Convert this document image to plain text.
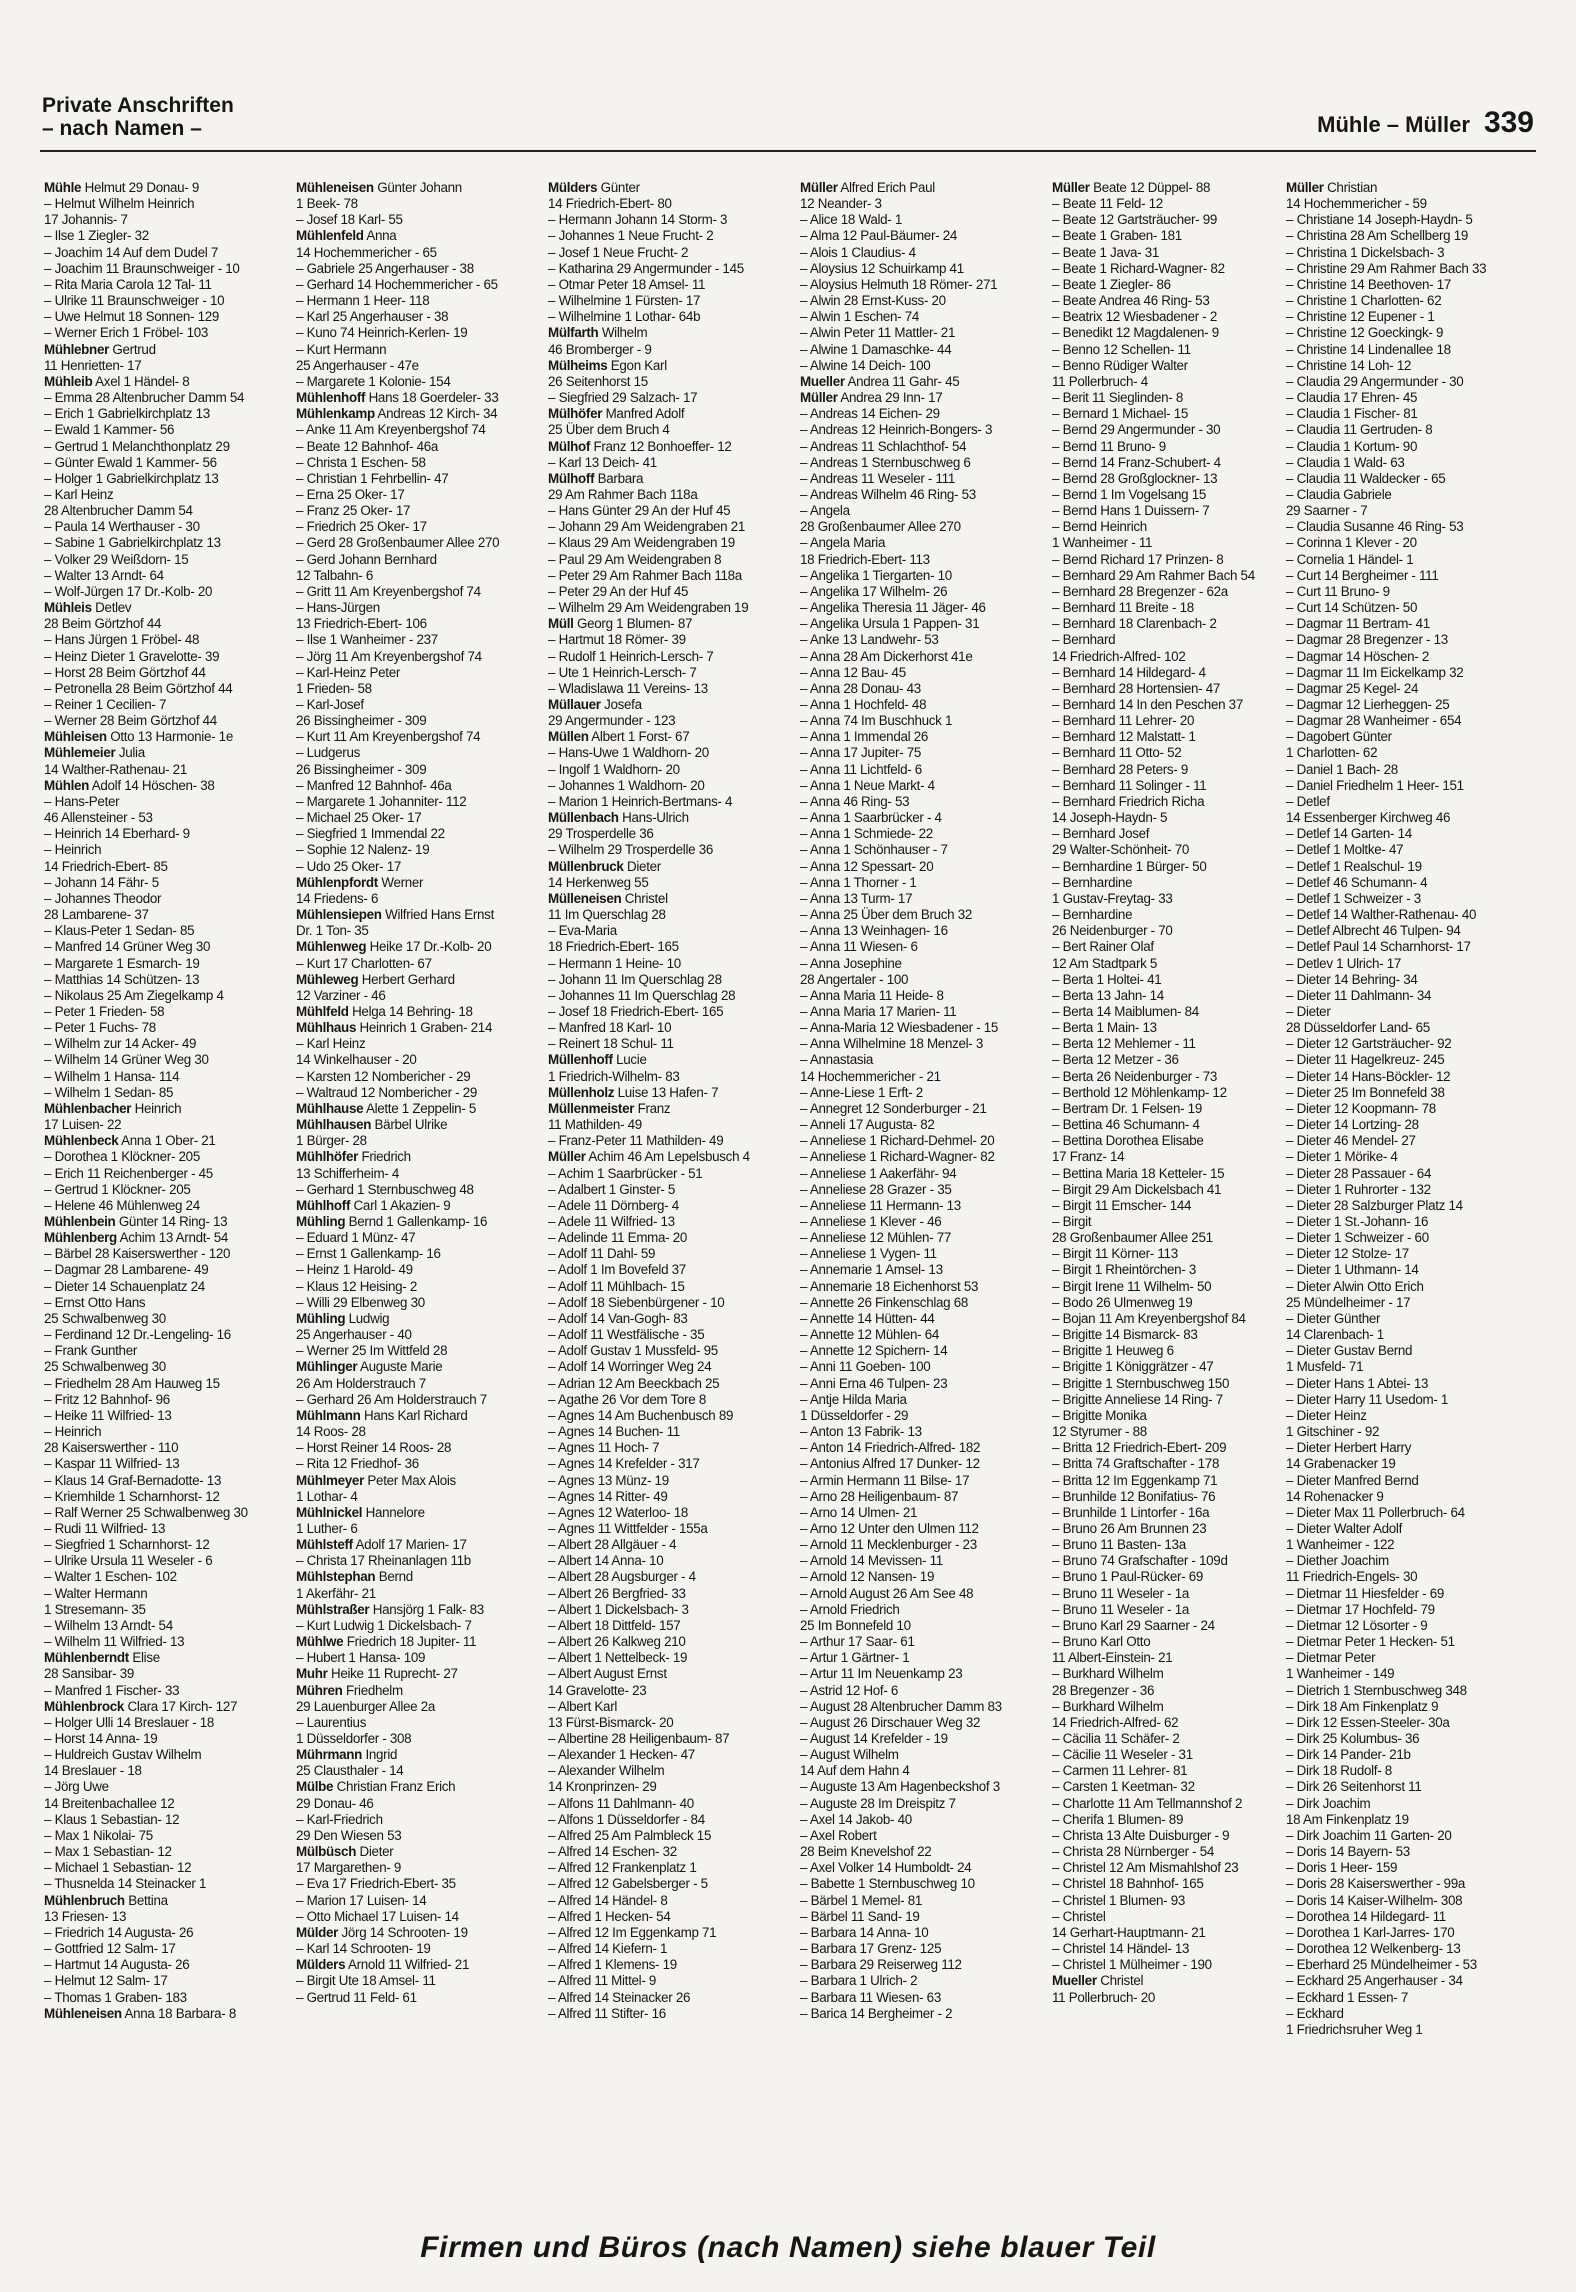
Private Anschriften
– nach Namen –	Mühle – Müller 339
Mühle Helmut 29 Donau- 9
– Helmut Wilhelm Heinrich
17 Johannis- 7
– Ilse 1 Ziegler- 32
– Joachim 14 Auf dem Dudel 7
– Joachim 11 Braunschweiger - 10
– Rita Maria Carola 12 Tal- 11
– Ulrike 11 Braunschweiger - 10
– Uwe Helmut 18 Sonnen- 129
– Werner Erich 1 Fröbel- 103
Mühlebner Gertrud
11 Henrietten- 17
Mühleib Axel 1 Händel- 8
– Emma 28 Altenbrucher Damm 54
– Erich 1 Gabrielkirchplatz 13
– Ewald 1 Kammer- 56
– Gertrud 1 Melanchthonplatz 29
– Günter Ewald 1 Kammer- 56
– Holger 1 Gabrielkirchplatz 13
– Karl Heinz
28 Altenbrucher Damm 54
– Paula 14 Werthauser - 30
– Sabine 1 Gabrielkirchplatz 13
– Volker 29 Weißdorn- 15
– Walter 13 Arndt- 64
– Wolf-Jürgen 17 Dr.-Kolb- 20
Mühleis Detlev
28 Beim Görtzhof 44
– Hans Jürgen 1 Fröbel- 48
– Heinz Dieter 1 Gravelotte- 39
– Horst 28 Beim Görtzhof 44
– Petronella 28 Beim Görtzhof 44
– Reiner 1 Cecilien- 7
– Werner 28 Beim Görtzhof 44
Mühleisen Otto 13 Harmonie- 1e
Mühlemeier Julia
14 Walther-Rathenau- 21
Mühlen Adolf 14 Höschen- 38
– Hans-Peter
46 Allensteiner - 53
– Heinrich 14 Eberhard- 9
– Heinrich
14 Friedrich-Ebert- 85
– Johann 14 Fähr- 5
– Johannes Theodor
28 Lambarene- 37
– Klaus-Peter 1 Sedan- 85
– Manfred 14 Grüner Weg 30
– Margarete 1 Esmarch- 19
– Matthias 14 Schützen- 13
– Nikolaus 25 Am Ziegelkamp 4
– Peter 1 Frieden- 58
– Peter 1 Fuchs- 78
– Wilhelm zur 14 Acker- 49
– Wilhelm 14 Grüner Weg 30
– Wilhelm 1 Hansa- 114
– Wilhelm 1 Sedan- 85
Mühlenbacher Heinrich
17 Luisen- 22
Mühlenbeck Anna 1 Ober- 21
– Dorothea 1 Klöckner- 205
– Erich 11 Reichenberger - 45
– Gertrud 1 Klöckner- 205
– Helene 46 Mühlenweg 24
Mühlenbein Günter 14 Ring- 13
Mühlenberg Achim 13 Arndt- 54
– Bärbel 28 Kaiserswerther - 120
– Dagmar 28 Lambarene- 49
– Dieter 14 Schauenplatz 24
– Ernst Otto Hans
25 Schwalbenweg 30
– Ferdinand 12 Dr.-Lengeling- 16
– Frank Gunther
25 Schwalbenweg 30
– Friedhelm 28 Am Hauweg 15
– Fritz 12 Bahnhof- 96
– Heike 11 Wilfried- 13
– Heinrich
28 Kaiserswerther - 110
– Kaspar 11 Wilfried- 13
– Klaus 14 Graf-Bernadotte- 13
– Kriemhilde 1 Scharnhorst- 12
– Ralf Werner 25 Schwalbenweg 30
– Rudi 11 Wilfried- 13
– Siegfried 1 Scharnhorst- 12
– Ulrike Ursula 11 Weseler - 6
– Walter 1 Eschen- 102
– Walter Hermann
1 Stresemann- 35
– Wilhelm 13 Arndt- 54
– Wilhelm 11 Wilfried- 13
Mühlenberndt Elise
28 Sansibar- 39
– Manfred 1 Fischer- 33
Mühlenbrock Clara 17 Kirch- 127
– Holger Ulli 14 Breslauer - 18
– Horst 14 Anna- 19
– Huldreich Gustav Wilhelm
14 Breslauer - 18
– Jörg Uwe
14 Breitenbachallee 12
– Klaus 1 Sebastian- 12
– Max 1 Nikolai- 75
– Max 1 Sebastian- 12
– Michael 1 Sebastian- 12
– Thusnelda 14 Steinacker 1
Mühlenbruch Bettina
13 Friesen- 13
– Friedrich 14 Augusta- 26
– Gottfried 12 Salm- 17
– Hartmut 14 Augusta- 26
– Helmut 12 Salm- 17
– Thomas 1 Graben- 183
Mühleneisen Anna 18 Barbara- 8
Mühleneisen Günter Johann
1 Beek- 78
– Josef 18 Karl- 55
Mühlenfeld Anna
14 Hochemmericher - 65
– Gabriele 25 Angerhauser - 38
– Gerhard 14 Hochemmericher - 65
– Hermann 1 Heer- 118
– Karl 25 Angerhauser - 38
– Kuno 74 Heinrich-Kerlen- 19
– Kurt Hermann
25 Angerhauser - 47e
– Margarete 1 Kolonie- 154
Mühlenhoff Hans 18 Goerdeler- 33
Mühlenkamp Andreas 12 Kirch- 34
– Anke 11 Am Kreyenbergshof 74
– Beate 12 Bahnhof- 46a
– Christa 1 Eschen- 58
– Christian 1 Fehrbellin- 47
– Erna 25 Oker- 17
– Franz 25 Oker- 17
– Friedrich 25 Oker- 17
– Gerd 28 Großenbaumer Allee 270
– Gerd Johann Bernhard
12 Talbahn- 6
– Gritt 11 Am Kreyenbergshof 74
– Hans-Jürgen
13 Friedrich-Ebert- 106
– Ilse 1 Wanheimer - 237
– Jörg 11 Am Kreyenbergshof 74
– Karl-Heinz Peter
1 Frieden- 58
– Karl-Josef
26 Bissingheimer - 309
– Kurt 11 Am Kreyenbergshof 74
– Ludgerus
26 Bissingheimer - 309
– Manfred 12 Bahnhof- 46a
– Margarete 1 Johanniter- 112
– Michael 25 Oker- 17
– Siegfried 1 Immendal 22
– Sophie 12 Nalenz- 19
– Udo 25 Oker- 17
Mühlenpfordt Werner
14 Friedens- 6
Mühlensiepen Wilfried Hans Ernst
Dr. 1 Ton- 35
Mühlenweg Heike 17 Dr.-Kolb- 20
– Kurt 17 Charlotten- 67
Mühleweg Herbert Gerhard
12 Varziner - 46
Mühlfeld Helga 14 Behring- 18
Mühlhaus Heinrich 1 Graben- 214
– Karl Heinz
14 Winkelhauser - 20
– Karsten 12 Nombericher - 29
– Waltraud 12 Nombericher - 29
Mühlhause Alette 1 Zeppelin- 5
Mühlhausen Bärbel Ulrike
1 Bürger- 28
Mühlhöfer Friedrich
13 Schifferheim- 4
– Gerhard 1 Sternbuschweg 48
Mühlhoff Carl 1 Akazien- 9
Mühling Bernd 1 Gallenkamp- 16
– Eduard 1 Münz- 47
– Ernst 1 Gallenkamp- 16
– Heinz 1 Harold- 49
– Klaus 12 Heising- 2
– Willi 29 Elbenweg 30
Mühling Ludwig
25 Angerhauser - 40
– Werner 25 Im Wittfeld 28
Mühlinger Auguste Marie
26 Am Holderstrauch 7
– Gerhard 26 Am Holderstrauch 7
Mühlmann Hans Karl Richard
14 Roos- 28
– Horst Reiner 14 Roos- 28
– Rita 12 Friedhof- 36
Mühlmeyer Peter Max Alois
1 Lothar- 4
Mühlnickel Hannelore
1 Luther- 6
Mühlsteff Adolf 17 Marien- 17
– Christa 17 Rheinanlagen 11b
Mühlstephan Bernd
1 Akerfähr- 21
Mühlstraßer Hansjörg 1 Falk- 83
– Kurt Ludwig 1 Dickelsbach- 7
Mühlwe Friedrich 18 Jupiter- 11
– Hubert 1 Hansa- 109
Muhr Heike 11 Ruprecht- 27
Mühren Friedhelm
29 Lauenburger Allee 2a
– Laurentius
1 Düsseldorfer - 308
Mührmann Ingrid
25 Clausthaler - 14
Mülbe Christian Franz Erich
29 Donau- 46
– Karl-Friedrich
29 Den Wiesen 53
Mülbüsch Dieter
17 Margarethen- 9
– Eva 17 Friedrich-Ebert- 35
– Marion 17 Luisen- 14
– Otto Michael 17 Luisen- 14
Mülder Jörg 14 Schrooten- 19
– Karl 14 Schrooten- 19
Mülders Arnold 11 Wilfried- 21
– Birgit Ute 18 Amsel- 11
– Gertrud 11 Feld- 61
Mülders Günter
14 Friedrich-Ebert- 80
– Hermann Johann 14 Storm- 3
– Johannes 1 Neue Frucht- 2
– Josef 1 Neue Frucht- 2
– Katharina 29 Angermunder - 145
– Otmar Peter 18 Amsel- 11
– Wilhelmine 1 Fürsten- 17
– Wilhelmine 1 Lothar- 64b
Mülfarth Wilhelm
46 Bromberger - 9
Mülheims Egon Karl
26 Seitenhorst 15
– Siegfried 29 Salzach- 17
Mülhöfer Manfred Adolf
25 Über dem Bruch 4
Mülhof Franz 12 Bonhoeffer- 12
– Karl 13 Deich- 41
Mülhoff Barbara
29 Am Rahmer Bach 118a
– Hans Günter 29 An der Huf 45
– Johann 29 Am Weidengraben 21
– Klaus 29 Am Weidengraben 19
– Paul 29 Am Weidengraben 8
– Peter 29 Am Rahmer Bach 118a
– Peter 29 An der Huf 45
– Wilhelm 29 Am Weidengraben 19
Müll Georg 1 Blumen- 87
– Hartmut 18 Römer- 39
– Rudolf 1 Heinrich-Lersch- 7
– Ute 1 Heinrich-Lersch- 7
– Wladislawa 11 Vereins- 13
Müllauer Josefa
29 Angermunder - 123
Müllen Albert 1 Forst- 67
– Hans-Uwe 1 Waldhorn- 20
– Ingolf 1 Waldhorn- 20
– Johannes 1 Waldhorn- 20
– Marion 1 Heinrich-Bertmans- 4
Müllenbach Hans-Ulrich
29 Trosperdelle 36
– Wilhelm 29 Trosperdelle 36
Müllenbruck Dieter
14 Herkenweg 55
Mülleneisen Christel
11 Im Querschlag 28
– Eva-Maria
18 Friedrich-Ebert- 165
– Hermann 1 Heine- 10
– Johann 11 Im Querschlag 28
– Johannes 11 Im Querschlag 28
– Josef 18 Friedrich-Ebert- 165
– Manfred 18 Karl- 10
– Reinert 18 Schul- 11
Müllenhoff Lucie
1 Friedrich-Wilhelm- 83
Müllenholz Luise 13 Hafen- 7
Müllenmeister Franz
11 Mathilden- 49
– Franz-Peter 11 Mathilden- 49
Müller Achim 46 Am Lepelsbusch 4
– Achim 1 Saarbrücker - 51
– Adalbert 1 Ginster- 5
– Adele 11 Dörnberg- 4
– Adele 11 Wilfried- 13
– Adelinde 11 Emma- 20
– Adolf 11 Dahl- 59
– Adolf 1 Im Bovefeld 37
– Adolf 11 Mühlbach- 15
– Adolf 18 Siebenbürgener - 10
– Adolf 14 Van-Gogh- 83
– Adolf 11 Westfälische - 35
– Adolf Gustav 1 Mussfeld- 95
– Adolf 14 Worringer Weg 24
– Adrian 12 Am Beeckbach 25
– Agathe 26 Vor dem Tore 8
– Agnes 14 Am Buchenbusch 89
– Agnes 14 Buchen- 11
– Agnes 11 Hoch- 7
– Agnes 14 Krefelder - 317
– Agnes 13 Münz- 19
– Agnes 14 Ritter- 49
– Agnes 12 Waterloo- 18
– Agnes 11 Wittfelder - 155a
– Albert 28 Allgäuer - 4
– Albert 14 Anna- 10
– Albert 28 Augsburger - 4
– Albert 26 Bergfried- 33
– Albert 1 Dickelsbach- 3
– Albert 18 Dittfeld- 157
– Albert 26 Kalkweg 210
– Albert 1 Nettelbeck- 19
– Albert August Ernst
14 Gravelotte- 23
– Albert Karl
13 Fürst-Bismarck- 20
– Albertine 28 Heiligenbaum- 87
– Alexander 1 Hecken- 47
– Alexander Wilhelm
14 Kronprinzen- 29
– Alfons 11 Dahlmann- 40
– Alfons 1 Düsseldorfer - 84
– Alfred 25 Am Palmbleck 15
– Alfred 14 Eschen- 32
– Alfred 12 Frankenplatz 1
– Alfred 12 Gabelsberger - 5
– Alfred 14 Händel- 8
– Alfred 1 Hecken- 54
– Alfred 12 Im Eggenkamp 71
– Alfred 14 Kiefern- 1
– Alfred 1 Klemens- 19
– Alfred 11 Mittel- 9
– Alfred 14 Steinacker 26
– Alfred 11 Stifter- 16
Müller Alfred Erich Paul
12 Neander- 3
– Alice 18 Wald- 1
– Alma 12 Paul-Bäumer- 24
– Alois 1 Claudius- 4
– Aloysius 12 Schuirkamp 41
– Aloysius Helmuth 18 Römer- 271
– Alwin 28 Ernst-Kuss- 20
– Alwin 1 Eschen- 74
– Alwin Peter 11 Mattler- 21
– Alwine 1 Damaschke- 44
– Alwine 14 Deich- 100
Mueller Andrea 11 Gahr- 45
Müller Andrea 29 Inn- 17
– Andreas 14 Eichen- 29
– Andreas 12 Heinrich-Bongers- 3
– Andreas 11 Schlachthof- 54
– Andreas 1 Sternbuschweg 6
– Andreas 11 Weseler - 111
– Andreas Wilhelm 46 Ring- 53
– Angela
28 Großenbaumer Allee 270
– Angela Maria
18 Friedrich-Ebert- 113
– Angelika 1 Tiergarten- 10
– Angelika 17 Wilhelm- 26
– Angelika Theresia 11 Jäger- 46
– Angelika Ursula 1 Pappen- 31
– Anke 13 Landwehr- 53
– Anna 28 Am Dickerhorst 41e
– Anna 12 Bau- 45
– Anna 28 Donau- 43
– Anna 1 Hochfeld- 48
– Anna 74 Im Buschhuck 1
– Anna 1 Immendal 26
– Anna 17 Jupiter- 75
– Anna 11 Lichtfeld- 6
– Anna 1 Neue Markt- 4
– Anna 46 Ring- 53
– Anna 1 Saarbrücker - 4
– Anna 1 Schmiede- 22
– Anna 1 Schönhauser - 7
– Anna 12 Spessart- 20
– Anna 1 Thorner - 1
– Anna 13 Turm- 17
– Anna 25 Über dem Bruch 32
– Anna 13 Weinhagen- 16
– Anna 11 Wiesen- 6
– Anna Josephine
28 Angertaler - 100
– Anna Maria 11 Heide- 8
– Anna Maria 17 Marien- 11
– Anna-Maria 12 Wiesbadener - 15
– Anna Wilhelmine 18 Menzel- 3
– Annastasia
14 Hochemmericher - 21
– Anne-Liese 1 Erft- 2
– Annegret 12 Sonderburger - 21
– Anneli 17 Augusta- 82
– Anneliese 1 Richard-Dehmel- 20
– Anneliese 1 Richard-Wagner- 82
– Anneliese 1 Aakerfähr- 94
– Anneliese 28 Grazer - 35
– Anneliese 11 Hermann- 13
– Anneliese 1 Klever - 46
– Anneliese 12 Mühlen- 77
– Anneliese 1 Vygen- 11
– Annemarie 1 Amsel- 13
– Annemarie 18 Eichenhorst 53
– Annette 26 Finkenschlag 68
– Annette 14 Hütten- 44
– Annette 12 Mühlen- 64
– Annette 12 Spichern- 14
– Anni 11 Goeben- 100
– Anni Erna 46 Tulpen- 23
– Antje Hilda Maria
1 Düsseldorfer - 29
– Anton 13 Fabrik- 13
– Anton 14 Friedrich-Alfred- 182
– Antonius Alfred 17 Dunker- 12
– Armin Hermann 11 Bilse- 17
– Arno 28 Heiligenbaum- 87
– Arno 14 Ulmen- 21
– Arno 12 Unter den Ulmen 112
– Arnold 11 Mecklenburger - 23
– Arnold 14 Mevissen- 11
– Arnold 12 Nansen- 19
– Arnold August 26 Am See 48
– Arnold Friedrich
25 Im Bonnefeld 10
– Arthur 17 Saar- 61
– Artur 1 Gärtner- 1
– Artur 11 Im Neuenkamp 23
– Astrid 12 Hof- 6
– August 28 Altenbrucher Damm 83
– August 26 Dirschauer Weg 32
– August 14 Krefelder - 19
– August Wilhelm
14 Auf dem Hahn 4
– Auguste 13 Am Hagenbeckshof 3
– Auguste 28 Im Dreispitz 7
– Axel 14 Jakob- 40
– Axel Robert
28 Beim Knevelshof 22
– Axel Volker 14 Humboldt- 24
– Babette 1 Sternbuschweg 10
– Bärbel 1 Memel- 81
– Bärbel 11 Sand- 19
– Barbara 14 Anna- 10
– Barbara 17 Grenz- 125
– Barbara 29 Reiserweg 112
– Barbara 1 Ulrich- 2
– Barbara 11 Wiesen- 63
– Barica 14 Bergheimer - 2
Müller Beate 12 Düppel- 88
– Beate 11 Feld- 12
– Beate 12 Gartsträucher- 99
– Beate 1 Graben- 181
– Beate 1 Java- 31
– Beate 1 Richard-Wagner- 82
– Beate 1 Ziegler- 86
– Beate Andrea 46 Ring- 53
– Beatrix 12 Wiesbadener - 2
– Benedikt 12 Magdalenen- 9
– Benno 12 Schellen- 11
– Benno Rüdiger Walter
11 Pollerbruch- 4
– Berit 11 Sieglinden- 8
– Bernard 1 Michael- 15
– Bernd 29 Angermunder - 30
– Bernd 11 Bruno- 9
– Bernd 14 Franz-Schubert- 4
– Bernd 28 Großglockner- 13
– Bernd 1 Im Vogelsang 15
– Bernd Hans 1 Duissern- 7
– Bernd Heinrich
1 Wanheimer - 11
– Bernd Richard 17 Prinzen- 8
– Bernhard 29 Am Rahmer Bach 54
– Bernhard 28 Bregenzer - 62a
– Bernhard 11 Breite - 18
– Bernhard 18 Clarenbach- 2
– Bernhard
14 Friedrich-Alfred- 102
– Bernhard 14 Hildegard- 4
– Bernhard 28 Hortensien- 47
– Bernhard 14 In den Peschen 37
– Bernhard 11 Lehrer- 20
– Bernhard 12 Malstatt- 1
– Bernhard 11 Otto- 52
– Bernhard 28 Peters- 9
– Bernhard 11 Solinger - 11
– Bernhard Friedrich Richa
14 Joseph-Haydn- 5
– Bernhard Josef
29 Walter-Schönheit- 70
– Bernhardine 1 Bürger- 50
– Bernhardine
1 Gustav-Freytag- 33
– Bernhardine
26 Neidenburger - 70
– Bert Rainer Olaf
12 Am Stadtpark 5
– Berta 1 Holtei- 41
– Berta 13 Jahn- 14
– Berta 14 Maiblumen- 84
– Berta 1 Main- 13
– Berta 12 Mehlemer - 11
– Berta 12 Metzer - 36
– Berta 26 Neidenburger - 73
– Berthold 12 Möhlenkamp- 12
– Bertram Dr. 1 Felsen- 19
– Bettina 46 Schumann- 4
– Bettina Dorothea Elisabe
17 Franz- 14
– Bettina Maria 18 Ketteler- 15
– Birgit 29 Am Dickelsbach 41
– Birgit 11 Emscher- 144
– Birgit
28 Großenbaumer Allee 251
– Birgit 11 Körner- 113
– Birgit 1 Rheintörchen- 3
– Birgit Irene 11 Wilhelm- 50
– Bodo 26 Ulmenweg 19
– Bojan 11 Am Kreyenbergshof 84
– Brigitte 14 Bismarck- 83
– Brigitte 1 Heuweg 6
– Brigitte 1 Königgrätzer - 47
– Brigitte 1 Sternbuschweg 150
– Brigitte Anneliese 14 Ring- 7
– Brigitte Monika
12 Styrumer - 88
– Britta 12 Friedrich-Ebert- 209
– Britta 74 Graftschafter - 178
– Britta 12 Im Eggenkamp 71
– Brunhilde 12 Bonifatius- 76
– Brunhilde 1 Lintorfer - 16a
– Bruno 26 Am Brunnen 23
– Bruno 11 Basten- 13a
– Bruno 74 Grafschafter - 109d
– Bruno 1 Paul-Rücker- 69
– Bruno 11 Weseler - 1a
– Bruno 11 Weseler - 1a
– Bruno Karl 29 Saarner - 24
– Bruno Karl Otto
11 Albert-Einstein- 21
– Burkhard Wilhelm
28 Bregenzer - 36
– Burkhard Wilhelm
14 Friedrich-Alfred- 62
– Cäcilia 11 Schäfer- 2
– Cäcilie 11 Weseler - 31
– Carmen 11 Lehrer- 81
– Carsten 1 Keetman- 32
– Charlotte 11 Am Tellmannshof 2
– Cherifa 1 Blumen- 89
– Christa 13 Alte Duisburger - 9
– Christa 28 Nürnberger - 54
– Christel 12 Am Mismahlshof 23
– Christel 18 Bahnhof- 165
– Christel 1 Blumen- 93
– Christel
14 Gerhart-Hauptmann- 21
– Christel 14 Händel- 13
– Christel 1 Mülheimer - 190
Mueller Christel
11 Pollerbruch- 20
Müller Christian
14 Hochemmericher - 59
– Christiane 14 Joseph-Haydn- 5
– Christina 28 Am Schellberg 19
– Christina 1 Dickelsbach- 3
– Christine 29 Am Rahmer Bach 33
– Christine 14 Beethoven- 17
– Christine 1 Charlotten- 62
– Christine 12 Eupener - 1
– Christine 12 Goeckingk- 9
– Christine 14 Lindenallee 18
– Christine 14 Loh- 12
– Claudia 29 Angermunder - 30
– Claudia 17 Ehren- 45
– Claudia 1 Fischer- 81
– Claudia 11 Gertruden- 8
– Claudia 1 Kortum- 90
– Claudia 1 Wald- 63
– Claudia 11 Waldecker - 65
– Claudia Gabriele
29 Saarner - 7
– Claudia Susanne 46 Ring- 53
– Corinna 1 Klever - 20
– Cornelia 1 Händel- 1
– Curt 14 Bergheimer - 111
– Curt 11 Bruno- 9
– Curt 14 Schützen- 50
– Dagmar 11 Bertram- 41
– Dagmar 28 Bregenzer - 13
– Dagmar 14 Höschen- 2
– Dagmar 11 Im Eickelkamp 32
– Dagmar 25 Kegel- 24
– Dagmar 12 Lierheggen- 25
– Dagmar 28 Wanheimer - 654
– Dagobert Günter
1 Charlotten- 62
– Daniel 1 Bach- 28
– Daniel Friedhelm 1 Heer- 151
– Detlef
14 Essenberger Kirchweg 46
– Detlef 14 Garten- 14
– Detlef 1 Moltke- 47
– Detlef 1 Realschul- 19
– Detlef 46 Schumann- 4
– Detlef 1 Schweizer - 3
– Detlef 14 Walther-Rathenau- 40
– Detlef Albrecht 46 Tulpen- 94
– Detlef Paul 14 Scharnhorst- 17
– Detlev 1 Ulrich- 17
– Dieter 14 Behring- 34
– Dieter 11 Dahlmann- 34
– Dieter
28 Düsseldorfer Land- 65
– Dieter 12 Gartsträucher- 92
– Dieter 11 Hagelkreuz- 245
– Dieter 14 Hans-Böckler- 12
– Dieter 25 Im Bonnefeld 38
– Dieter 12 Koopmann- 78
– Dieter 14 Lortzing- 28
– Dieter 46 Mendel- 27
– Dieter 1 Mörike- 4
– Dieter 28 Passauer - 64
– Dieter 1 Ruhrorter - 132
– Dieter 28 Salzburger Platz 14
– Dieter 1 St.-Johann- 16
– Dieter 1 Schweizer - 60
– Dieter 12 Stolze- 17
– Dieter 1 Uthmann- 14
– Dieter Alwin Otto Erich
25 Mündelheimer - 17
– Dieter Günther
14 Clarenbach- 1
– Dieter Gustav Bernd
1 Musfeld- 71
– Dieter Hans 1 Abtei- 13
– Dieter Harry 11 Usedom- 1
– Dieter Heinz
1 Gitschiner - 92
– Dieter Herbert Harry
14 Grabenacker 19
– Dieter Manfred Bernd
14 Rohenacker 9
– Dieter Max 11 Pollerbruch- 64
– Dieter Walter Adolf
1 Wanheimer - 122
– Diether Joachim
11 Friedrich-Engels- 30
– Dietmar 11 Hiesfelder - 69
– Dietmar 17 Hochfeld- 79
– Dietmar 12 Lösorter - 9
– Dietmar Peter 1 Hecken- 51
– Dietmar Peter
1 Wanheimer - 149
– Dietrich 1 Sternbuschweg 348
– Dirk 18 Am Finkenplatz 9
– Dirk 12 Essen-Steeler- 30a
– Dirk 25 Kolumbus- 36
– Dirk 14 Pander- 21b
– Dirk 18 Rudolf- 8
– Dirk 26 Seitenhorst 11
– Dirk Joachim
18 Am Finkenplatz 19
– Dirk Joachim 11 Garten- 20
– Doris 14 Bayern- 53
– Doris 1 Heer- 159
– Doris 28 Kaiserswerther - 99a
– Doris 14 Kaiser-Wilhelm- 308
– Dorothea 14 Hildegard- 11
– Dorothea 1 Karl-Jarres- 170
– Dorothea 12 Welkenberg- 13
– Eberhard 25 Mündelheimer - 53
– Eckhard 25 Angerhauser - 34
– Eckhard 1 Essen- 7
– Eckhard
1 Friedrichsruher Weg 1
Firmen und Büros (nach Namen) siehe blauer Teil
